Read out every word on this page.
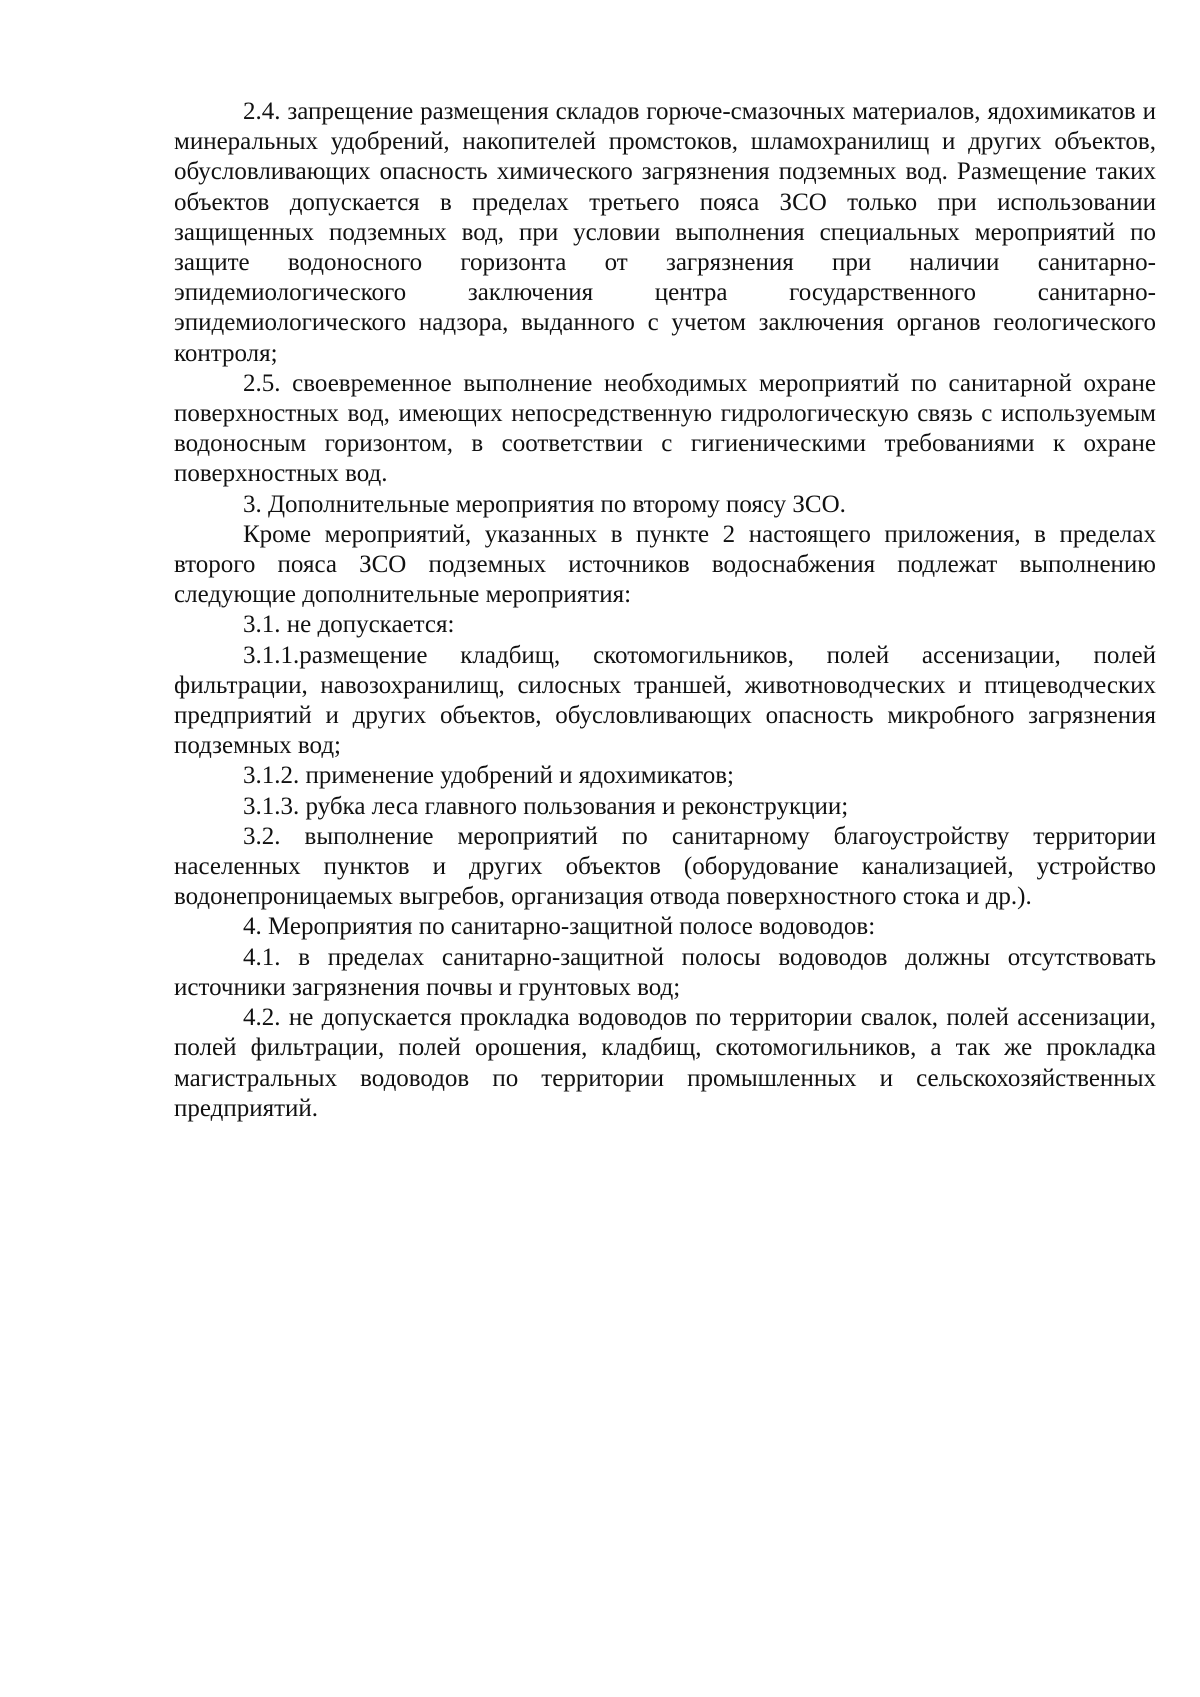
2.4. запрещение размещения складов горюче-смазочных материалов, ядохимикатов и минеральных удобрений, накопителей промстоков, шламохранилищ и других объектов, обусловливающих опасность химического загрязнения подземных вод. Размещение таких объектов допускается в пределах третьего пояса ЗСО только при использовании защищенных подземных вод, при условии выполнения специальных мероприятий по защите водоносного горизонта от загрязнения при наличии санитарно-эпидемиологического заключения центра государственного санитарно-эпидемиологического надзора, выданного с учетом заключения органов геологического контроля;

2.5. своевременное выполнение необходимых мероприятий по санитарной охране поверхностных вод, имеющих непосредственную гидрологическую связь с используемым водоносным горизонтом, в соответствии с гигиеническими требованиями к охране поверхностных вод.

3. Дополнительные мероприятия по второму поясу ЗСО.

Кроме мероприятий, указанных в пункте 2 настоящего приложения, в пределах второго пояса ЗСО подземных источников водоснабжения подлежат выполнению следующие дополнительные мероприятия:

3.1. не допускается:

3.1.1.размещение кладбищ, скотомогильников, полей ассенизации, полей фильтрации, навозохранилищ, силосных траншей, животноводческих и птицеводческих предприятий и других объектов, обусловливающих опасность микробного загрязнения подземных вод;

3.1.2. применение удобрений и ядохимикатов;

3.1.3. рубка леса главного пользования и реконструкции;

3.2. выполнение мероприятий по санитарному благоустройству территории населенных пунктов и других объектов (оборудование канализацией, устройство водонепроницаемых выгребов, организация отвода поверхностного стока и др.).

4. Мероприятия по санитарно-защитной полосе водоводов:

4.1. в пределах санитарно-защитной полосы водоводов должны отсутствовать источники загрязнения почвы и грунтовых вод;

4.2. не допускается прокладка водоводов по территории свалок, полей ассенизации, полей фильтрации, полей орошения, кладбищ, скотомогильников, а так же прокладка магистральных водоводов по территории промышленных и сельскохозяйственных предприятий.
